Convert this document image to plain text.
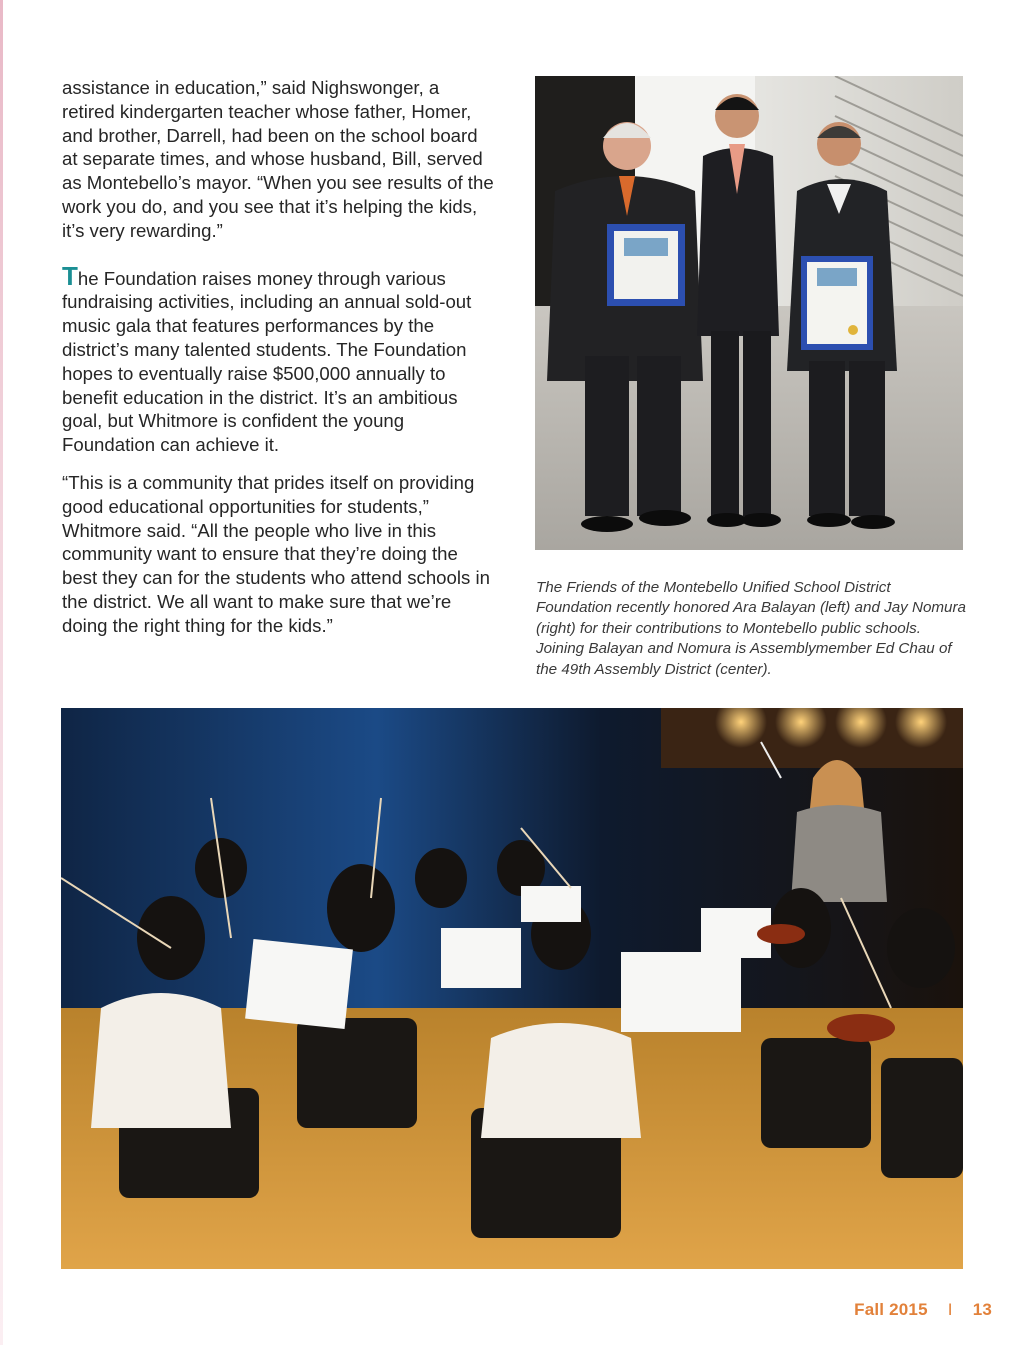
assistance in education,” said Nighswonger, a retired kindergarten teacher whose father, Homer, and brother, Darrell, had been on the school board at separate times, and whose husband, Bill, served as Montebello’s mayor. “When you see results of the work you do, and you see that it’s helping the kids, it’s very rewarding.”

The Foundation raises money through various fundraising activities, including an annual sold-out music gala that features performances by the district’s many talented students. The Foundation hopes to eventually raise $500,000 annually to benefit education in the district. It’s an ambitious goal, but Whitmore is confident the young Foundation can achieve it.

“This is a community that prides itself on providing good educational opportunities for students,” Whitmore said. “All the people who live in this community want to ensure that they’re doing the best they can for the students who attend schools in the district. We all want to make sure that we’re doing the right thing for the kids.”

The Friends of the Montebello Unified School District Foundation recently honored Ara Balayan (left) and Jay Nomura (right) for their contributions to Montebello public schools. Joining Balayan and Nomura is Assemblymember Ed Chau of the 49th Assembly District (center).
Fall 2015 I 13
